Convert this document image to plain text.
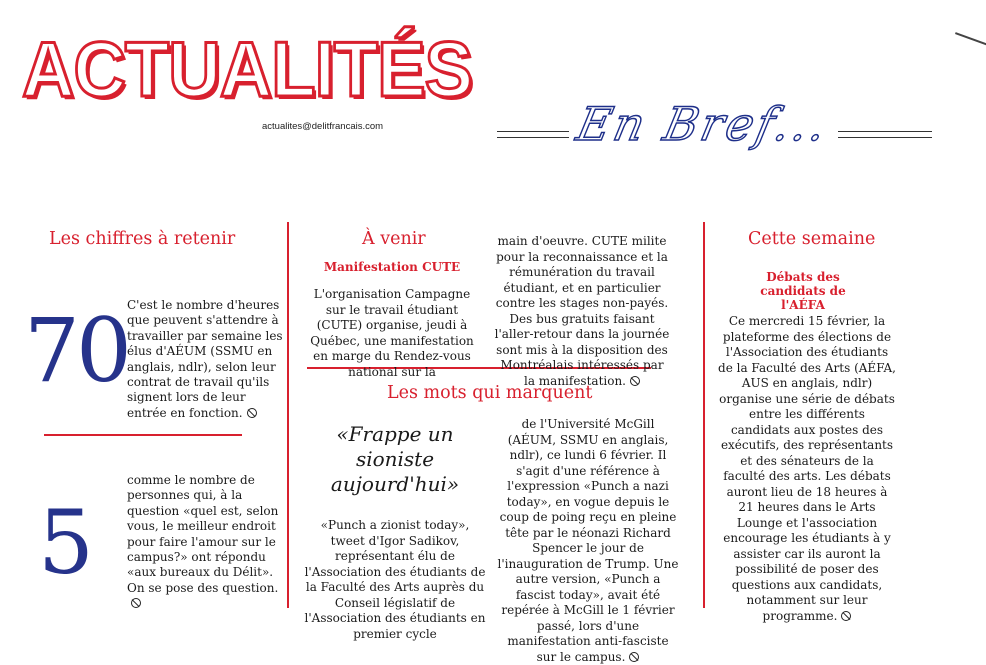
ACTUALITÉS
actualites@delitfrancais.com	En Bref...
Les chiffres à retenir
70 C'est le nombre d'heures que peuvent s'attendre à travailler par semaine les élus d'AÉUM (SSMU en anglais, ndlr), selon leur contrat de travail qu'ils signent lors de leur entrée en fonction.
5
comme le nombre de personnes qui, à la question «quel est, selon vous, le meilleur endroit pour faire l'amour sur le campus?» ont répondu «aux bureaux du Délit». On se pose des question.
À venir
Manifestation CUTE
L'organisation Campagne sur le travail étudiant (CUTE) organise, jeudi à Québec, une manifestation en marge du Rendez-vous national sur la
main d'oeuvre. CUTE milite pour la reconnaissance et la rémunération du travail étudiant, et en particulier contre les stages non-payés. Des bus gratuits faisant l'aller-retour dans la journée sont mis à la disposition des Montréalais intéressés par la manifestation.
Les mots qui marquent
«Frappe un sioniste aujourd'hui»
«Punch a zionist today», tweet d'Igor Sadikov, représentant élu de l'Association des étudiants de la Faculté des Arts auprès du Conseil législatif de l'Association des étudiants en premier cycle
de l'Université McGill (AÉUM, SSMU en anglais, ndlr), ce lundi 6 février. Il s'agit d'une référence à l'expression «Punch a nazi today», en vogue depuis le coup de poing reçu en pleine tête par le néonazi Richard Spencer le jour de l'inauguration de Trump. Une autre version, «Punch a fascist today», avait été repérée à McGill le 1 février passé, lors d'une manifestation anti-fasciste sur le campus.
Cette semaine
Débats des candidats de l'AÉFA
Ce mercredi 15 février, la plateforme des élections de l'Association des étudiants de la Faculté des Arts (AÉFA, AUS en anglais, ndlr) organise une série de débats entre les différents candidats aux postes des exécutifs, des représentants et des sénateurs de la faculté des arts. Les débats auront lieu de 18 heures à 21 heures dans le Arts Lounge et l'association encourage les étudiants à y assister car ils auront la possibilité de poser des questions aux candidats, notamment sur leur programme.
